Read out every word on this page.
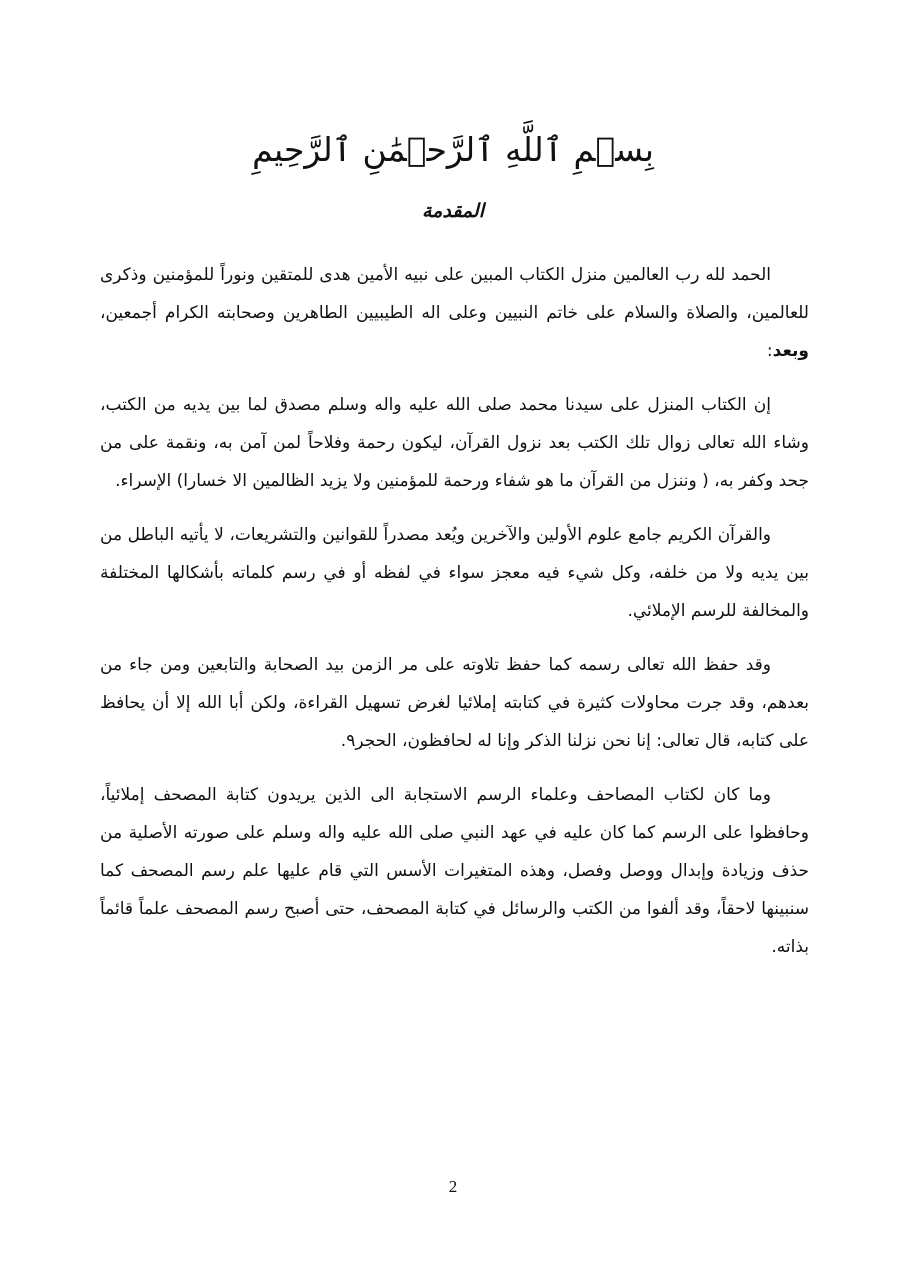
بِسۡمِ ٱللَّهِ ٱلرَّحۡمَٰنِ ٱلرَّحِيمِ
المقدمة

الحمد لله رب العالمين منزل الكتاب المبين على نبيه الأمين هدى للمتقين ونوراً للمؤمنين وذكرى للعالمين، والصلاة والسلام على خاتم النبيين وعلى اله الطيبيين الطاهرين وصحابته الكرام أجمعين، وبعد:

إن الكتاب المنزل على سيدنا محمد صلى الله عليه واله وسلم مصدق لما بين يديه من الكتب، وشاء الله تعالى زوال تلك الكتب بعد نزول القرآن، ليكون رحمة وفلاحاً لمن آمن به، ونقمة على من جحد وكفر به، ( وننزل من القرآن ما هو شفاء ورحمة للمؤمنين ولا يزيد الظالمين الا خسارا) الإسراء.

والقرآن الكريم جامع علوم الأولين والآخرين ويُعد مصدراً للقوانين والتشريعات، لا يأتيه الباطل من بين يديه ولا من خلفه، وكل شيء فيه معجز سواء في لفظه أو في رسم كلماته بأشكالها المختلفة والمخالفة للرسم الإملائي.

وقد حفظ الله تعالى رسمه كما حفظ تلاوته على مر الزمن بيد الصحابة والتابعين ومن جاء من بعدهم، وقد جرت محاولات كثيرة في كتابته إملائيا لغرض تسهيل القراءة، ولكن أبا الله إلا أن يحافظ على كتابه، قال تعالى: إنا نحن نزلنا الذكر وإنا له لحافظون، الحجر٩.

وما كان لكتاب المصاحف وعلماء الرسم الاستجابة الى الذين يريدون كتابة المصحف إملائياً، وحافظوا على الرسم كما كان عليه في عهد النبي صلى الله عليه واله وسلم على صورته الأصلية من حذف وزيادة وإبدال ووصل وفصل، وهذه المتغيرات الأسس التي قام عليها علم رسم المصحف كما سنبينها لاحقاً، وقد ألفوا من الكتب والرسائل في كتابة المصحف، حتى أصبح رسم المصحف علماً قائماً بذاته.

2
